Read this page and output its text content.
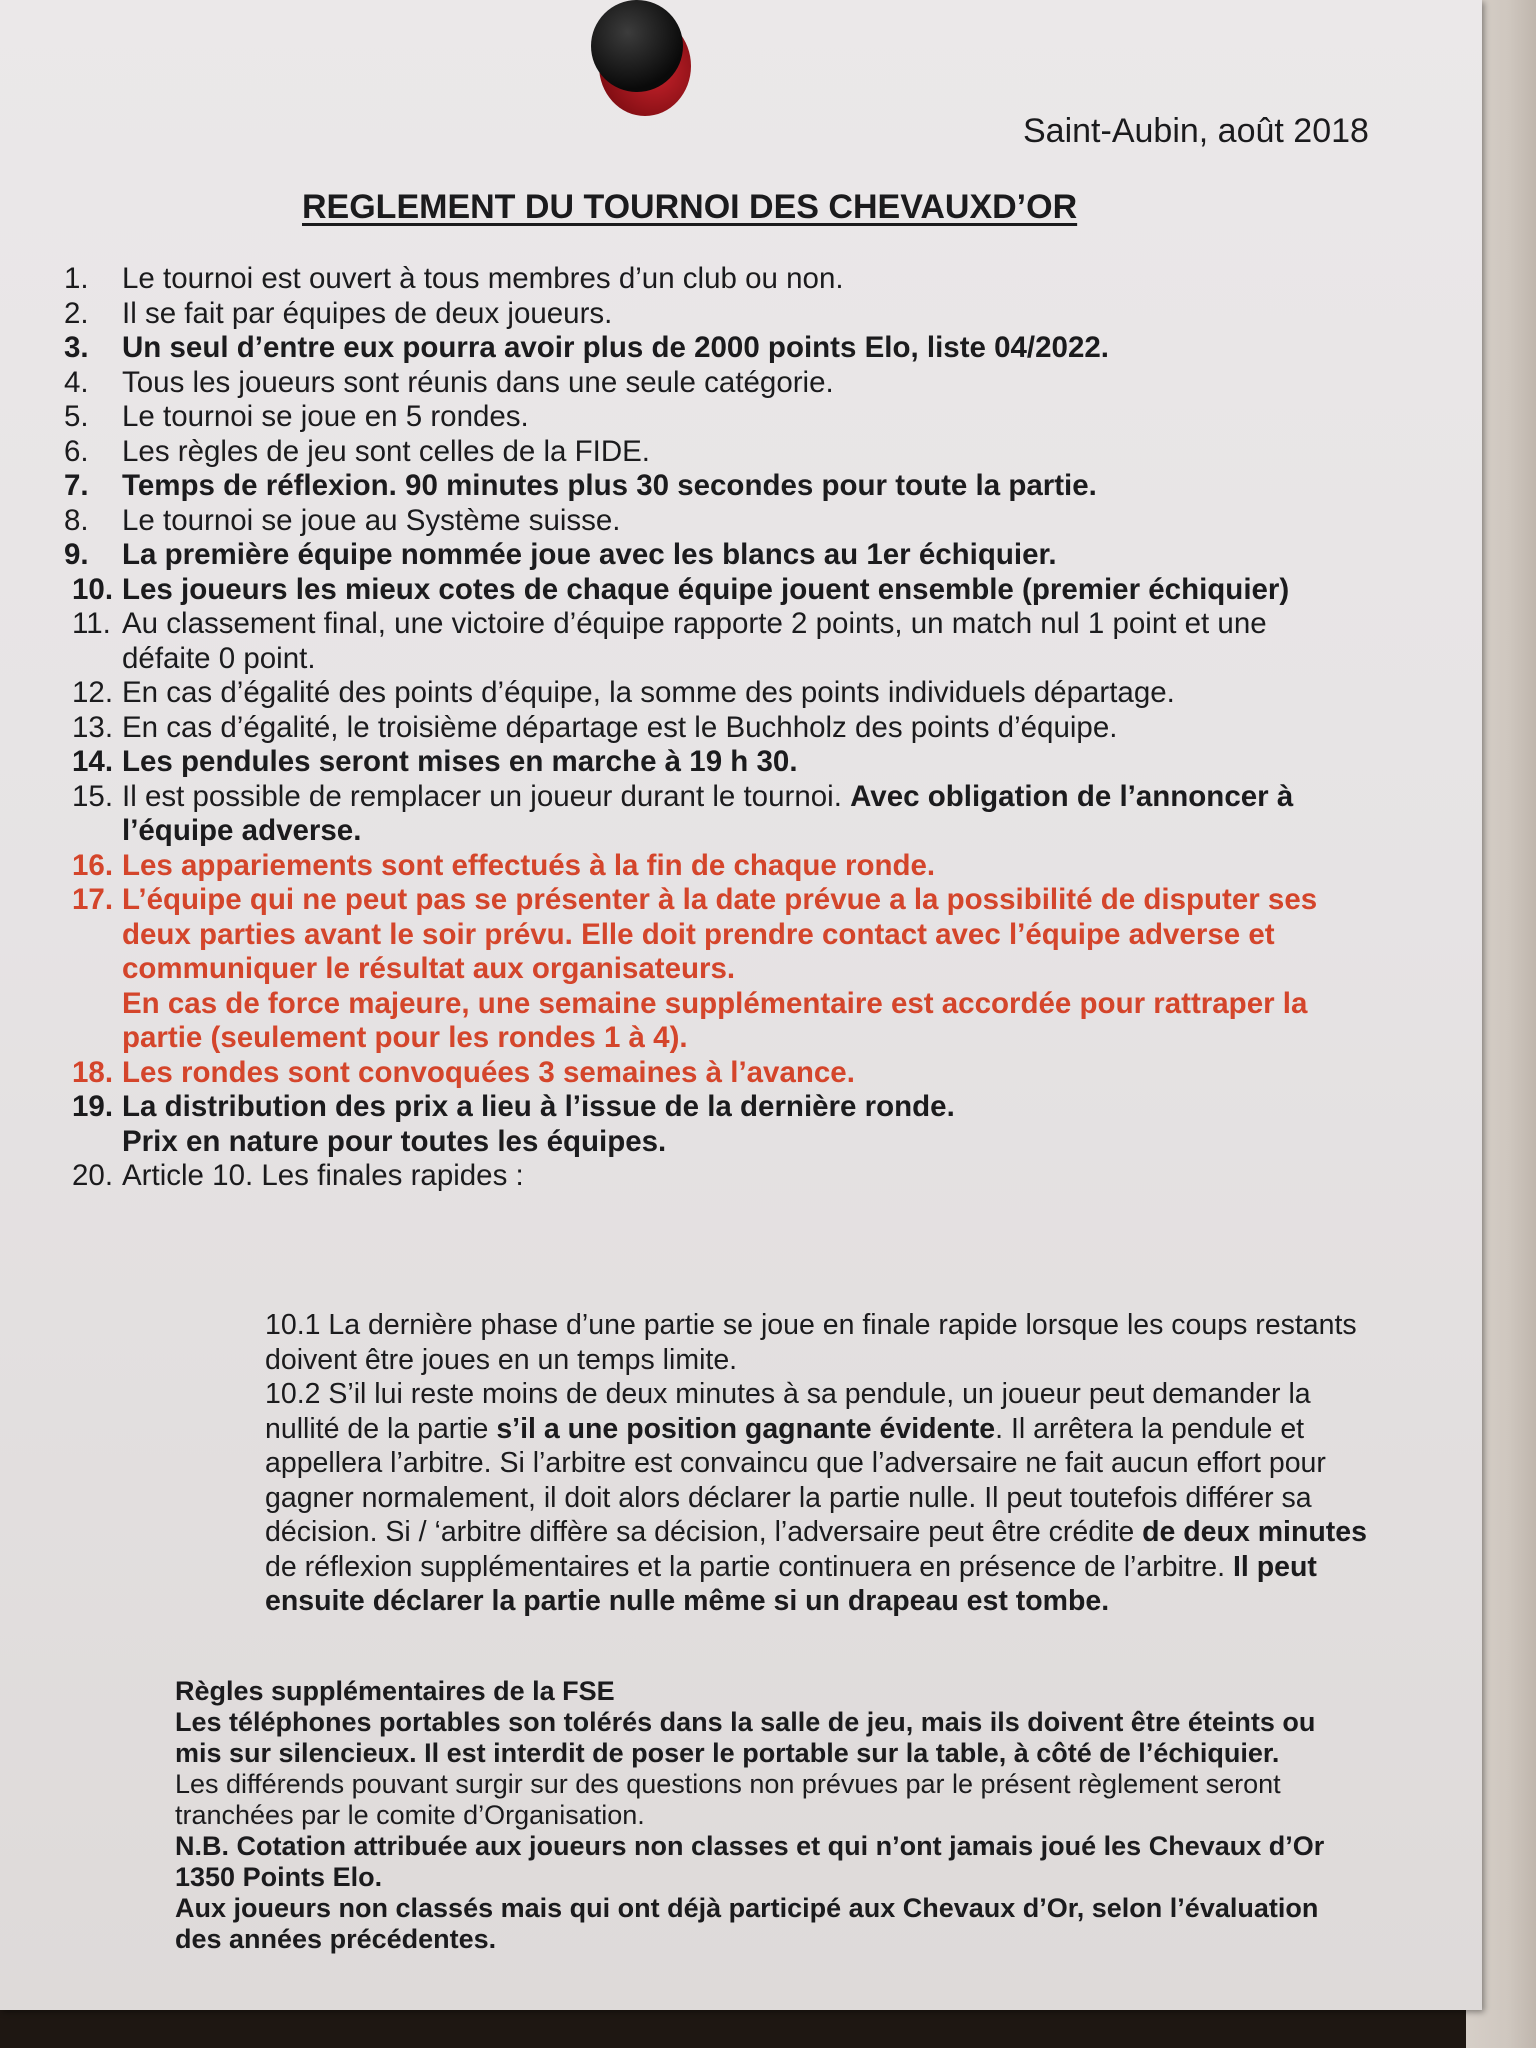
Saint-Aubin, août 2018
REGLEMENT DU TOURNOI DES CHEVAUXD’OR
1. Le tournoi est ouvert à tous membres d’un club ou non.
2. Il se fait par équipes de deux joueurs.
3. Un seul d’entre eux pourra avoir plus de 2000 points Elo, liste 04/2022.
4. Tous les joueurs sont réunis dans une seule catégorie.
5. Le tournoi se joue en 5 rondes.
6. Les règles de jeu sont celles de la FIDE.
7. Temps de réflexion. 90 minutes plus 30 secondes pour toute la partie.
8. Le tournoi se joue au Système suisse.
9. La première équipe nommée joue avec les blancs au 1er échiquier.
10. Les joueurs les mieux cotes de chaque équipe jouent ensemble (premier échiquier)
11. Au classement final, une victoire d’équipe rapporte 2 points, un match nul 1 point et une défaite 0 point.
12. En cas d’égalité des points d’équipe, la somme des points individuels départage.
13. En cas d’égalité, le troisième départage est le Buchholz des points d’équipe.
14. Les pendules seront mises en marche à 19 h 30.
15. Il est possible de remplacer un joueur durant le tournoi. Avec obligation de l’annoncer à l’équipe adverse.
16. Les appariements sont effectués à la fin de chaque ronde.
17. L’équipe qui ne peut pas se présenter à la date prévue a la possibilité de disputer ses deux parties avant le soir prévu. Elle doit prendre contact avec l’équipe adverse et communiquer le résultat aux organisateurs.
En cas de force majeure, une semaine supplémentaire est accordée pour rattraper la partie (seulement pour les rondes 1 à 4).
18. Les rondes sont convoquées 3 semaines à l’avance.
19. La distribution des prix a lieu à l’issue de la dernière ronde.
Prix en nature pour toutes les équipes.
20. Article 10. Les finales rapides :

10.1 La dernière phase d’une partie se joue en finale rapide lorsque les coups restants doivent être joues en un temps limite.

10.2 S’il lui reste moins de deux minutes à sa pendule, un joueur peut demander la nullité de la partie s’il a une position gagnante évidente. Il arrêtera la pendule et appellera l’arbitre. Si l’arbitre est convaincu que l’adversaire ne fait aucun effort pour gagner normalement, il doit alors déclarer la partie nulle. Il peut toutefois différer sa décision. Si / ‘arbitre diffère sa décision, l’adversaire peut être crédite de deux minutes de réflexion supplémentaires et la partie continuera en présence de l’arbitre. Il peut ensuite déclarer la partie nulle même si un drapeau est tombe.

Règles supplémentaires de la FSE

Les téléphones portables son tolérés dans la salle de jeu, mais ils doivent être éteints ou mis sur silencieux. Il est interdit de poser le portable sur la table, à côté de l’échiquier.

Les différends pouvant surgir sur des questions non prévues par le présent règlement seront tranchées par le comite d’Organisation.

N.B. Cotation attribuée aux joueurs non classes et qui n’ont jamais joué les Chevaux d’Or 1350 Points Elo.

Aux joueurs non classés mais qui ont déjà participé aux Chevaux d’Or, selon l’évaluation des années précédentes.
